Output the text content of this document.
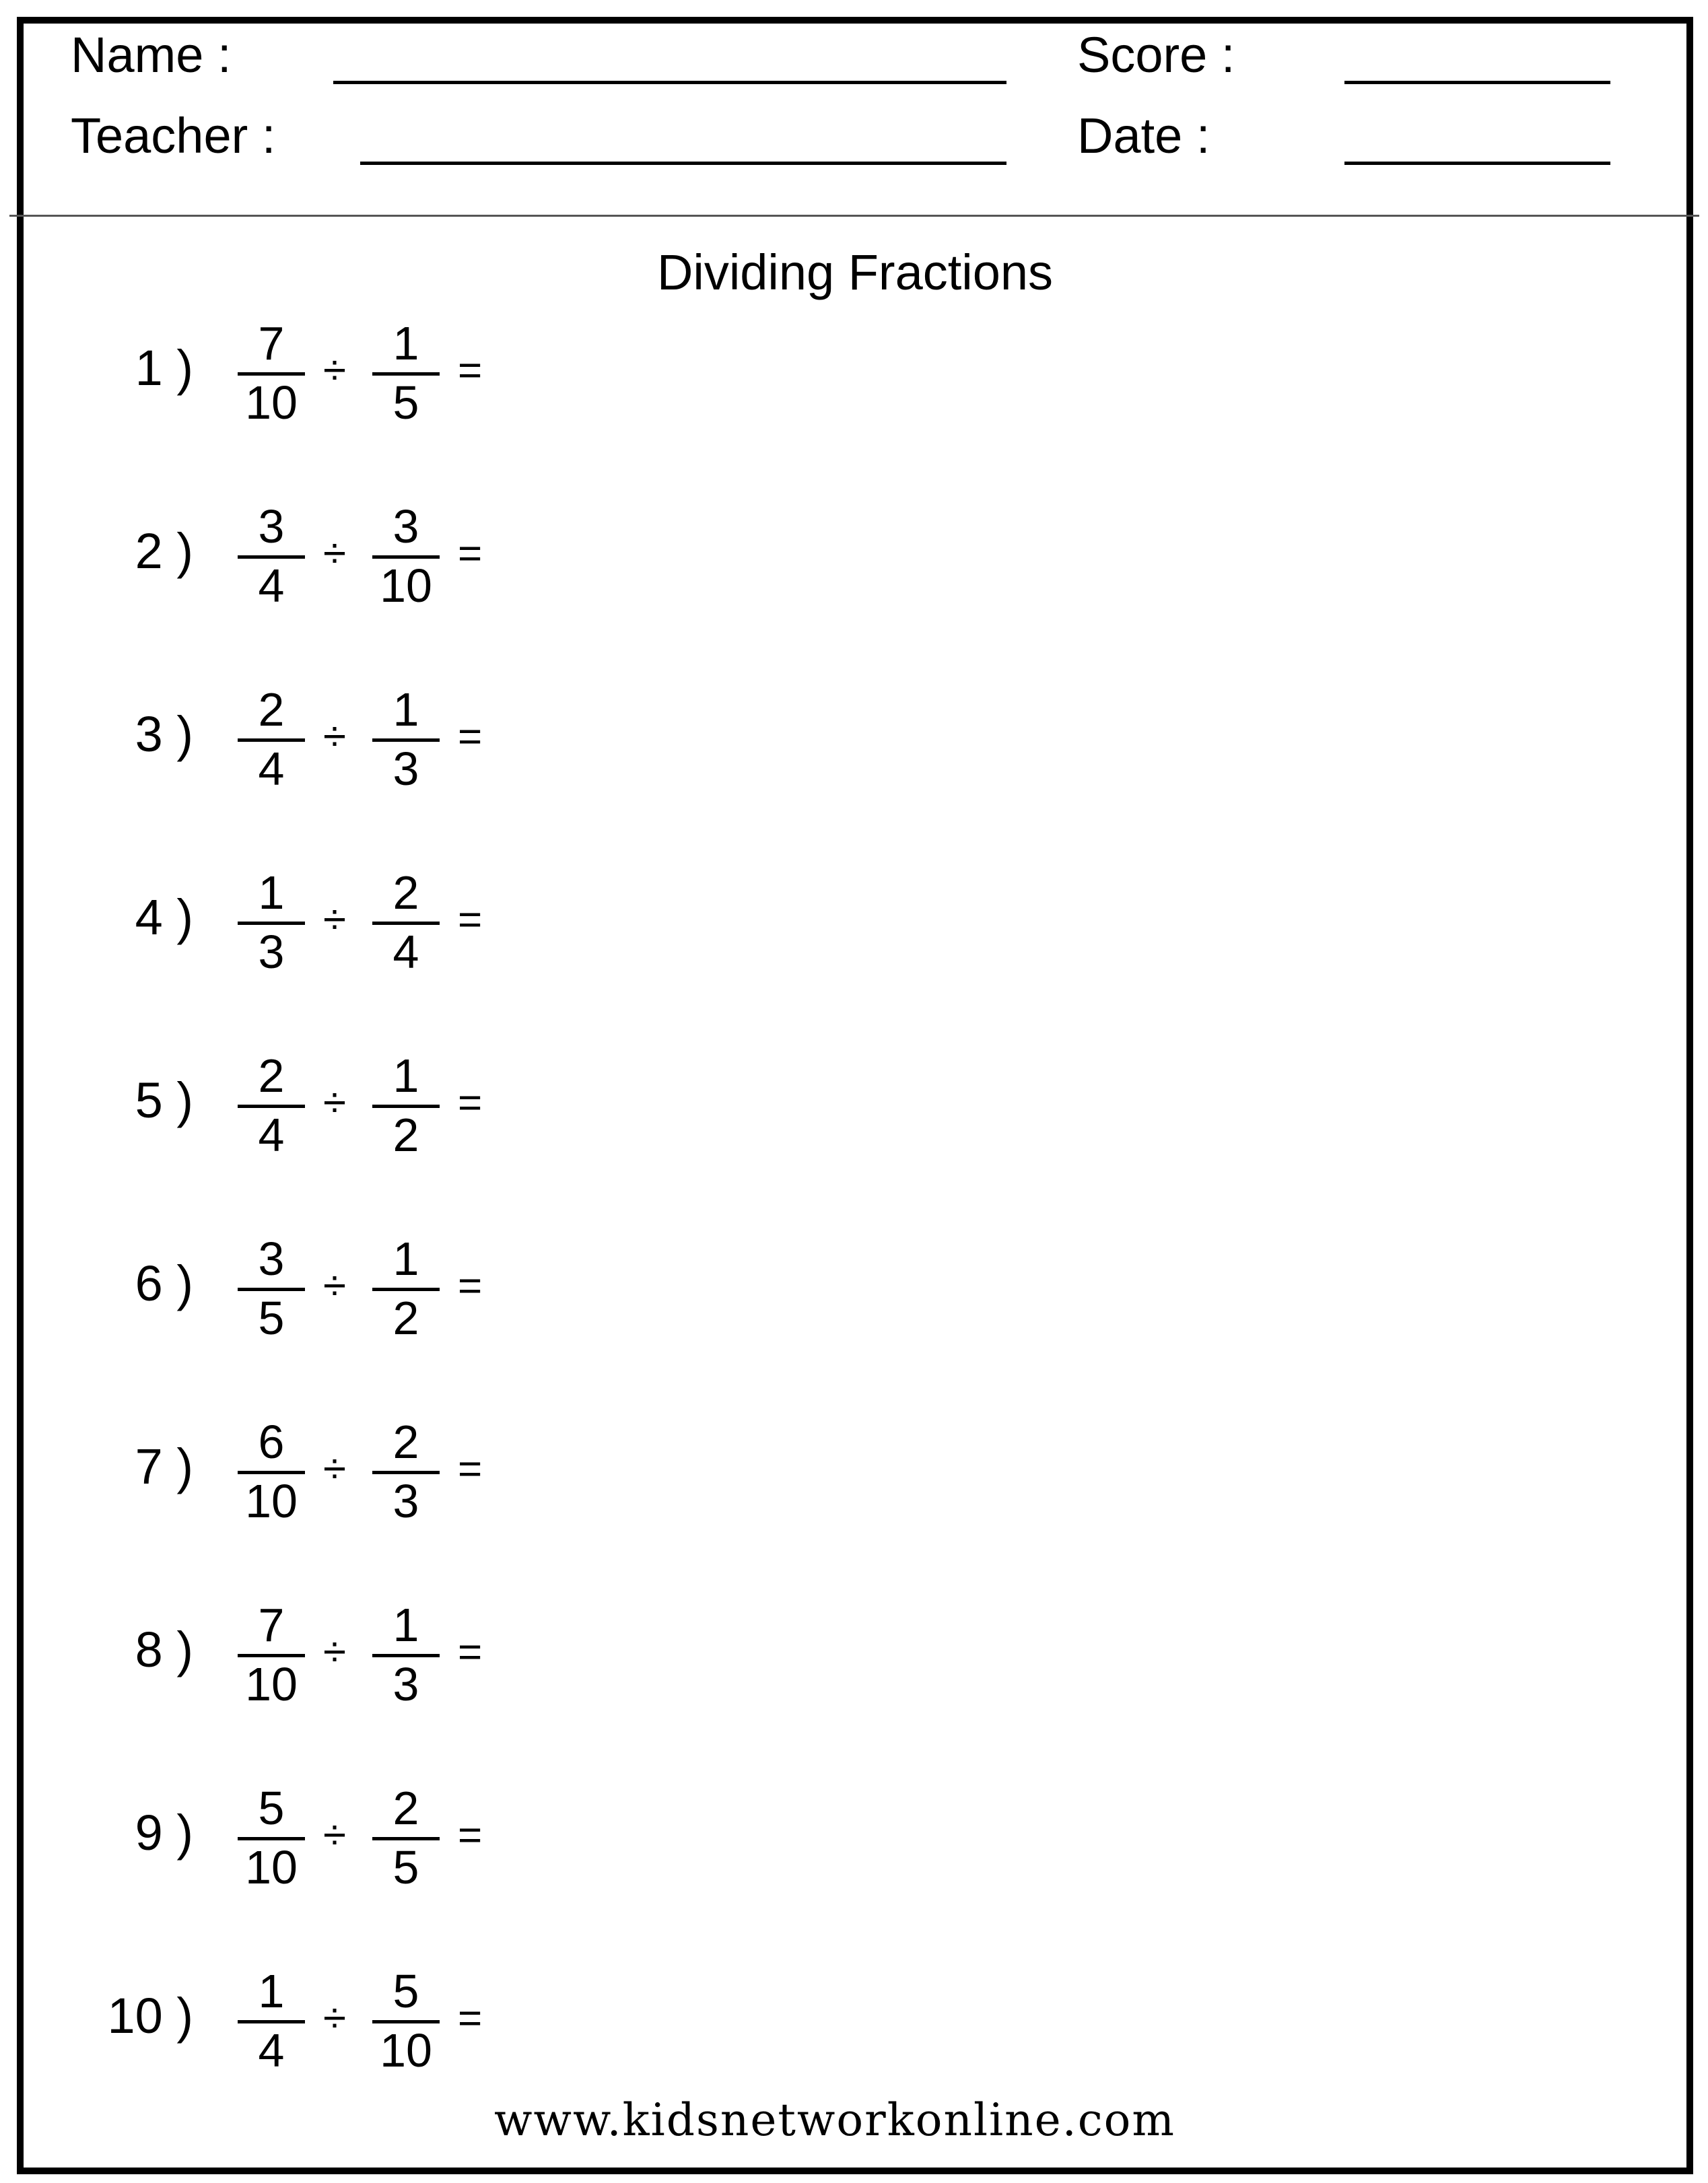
Name :	Score :
Teacher :	Date :
Dividing Fractions
1 )	7
10
÷
1
5
=
2 )	3
4
÷
3
10
=
3 )	2
4
÷
1
3
=
4 )	1
3
÷
2
4
=
5 )	2
4
÷
1
2
=
6 )	3
5
÷
1
2
=
7 )	6
10
÷
2
3
=
8 )	7
10
÷
1
3
=
9 )	5
10
÷
2
5
=
10 )	1
4
÷
5
10
=
www.kidsnetworkonline.com
